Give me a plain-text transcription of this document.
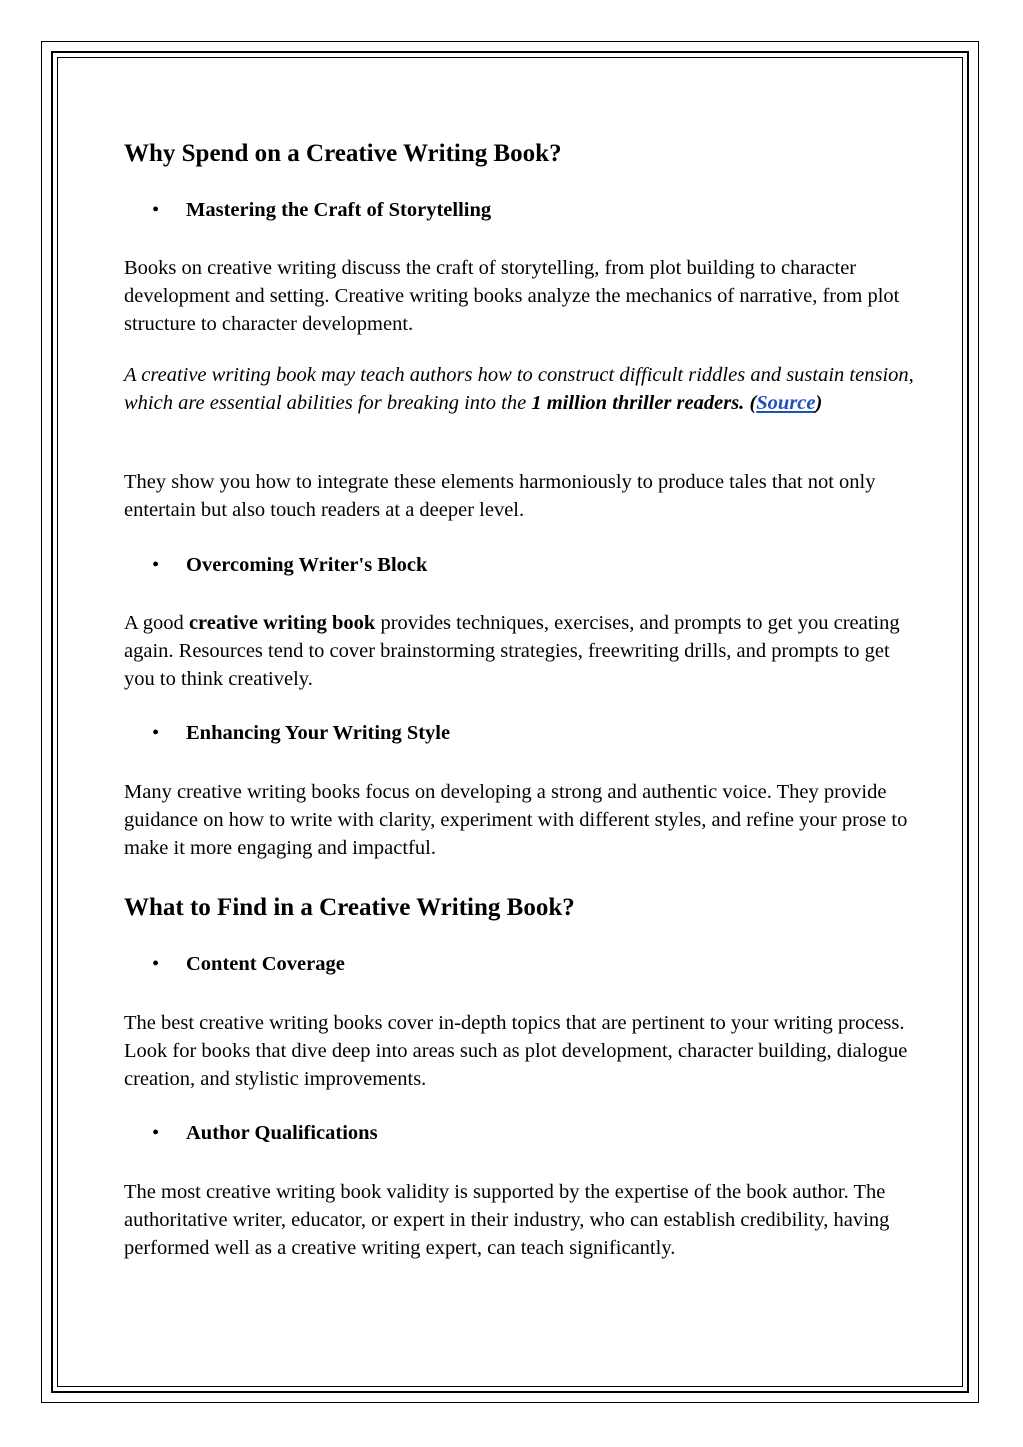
Why Spend on a Creative Writing Book?
• Mastering the Craft of Storytelling

Books on creative writing discuss the craft of storytelling, from plot building to character development and setting. Creative writing books analyze the mechanics of narrative, from plot structure to character development.

A creative writing book may teach authors how to construct difficult riddles and sustain tension, which are essential abilities for breaking into the 1 million thriller readers. (Source)

They show you how to integrate these elements harmoniously to produce tales that not only entertain but also touch readers at a deeper level.

• Overcoming Writer's Block

A good creative writing book provides techniques, exercises, and prompts to get you creating again. Resources tend to cover brainstorming strategies, freewriting drills, and prompts to get you to think creatively.

• Enhancing Your Writing Style

Many creative writing books focus on developing a strong and authentic voice. They provide guidance on how to write with clarity, experiment with different styles, and refine your prose to make it more engaging and impactful.

What to Find in a Creative Writing Book?
• Content Coverage

The best creative writing books cover in-depth topics that are pertinent to your writing process. Look for books that dive deep into areas such as plot development, character building, dialogue creation, and stylistic improvements.

• Author Qualifications

The most creative writing book validity is supported by the expertise of the book author. The authoritative writer, educator, or expert in their industry, who can establish credibility, having performed well as a creative writing expert, can teach significantly.
